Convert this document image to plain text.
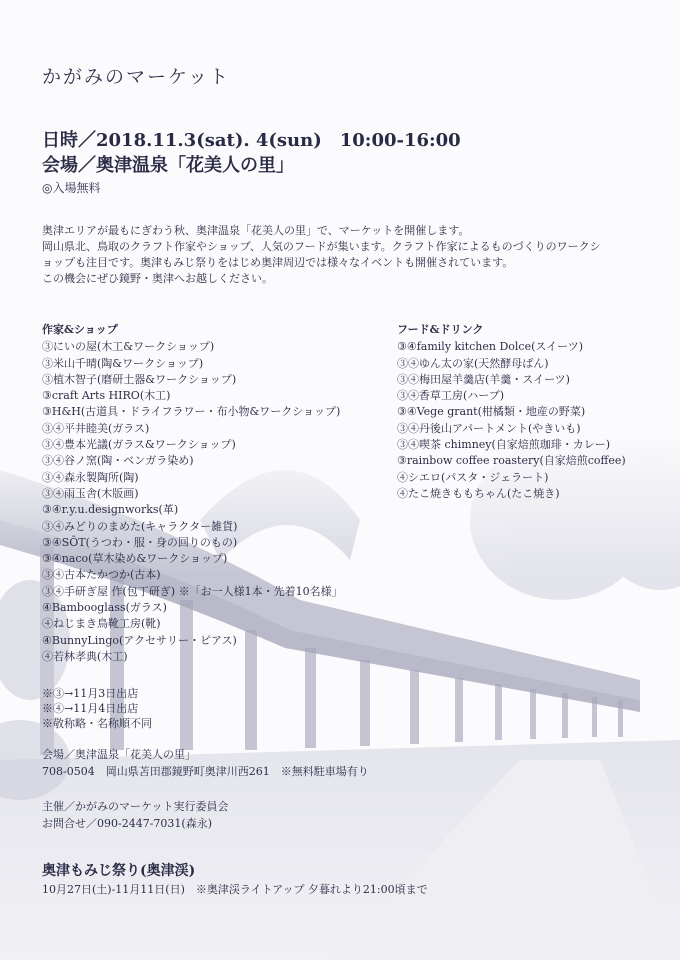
かがみのマーケット
日時／2018.11.3(sat). 4(sun)　10:00-16:00
会場／奥津温泉「花美人の里」
◎入場無料
奥津エリアが最もにぎわう秋、奥津温泉「花美人の里」で、マーケットを開催します。
岡山県北、鳥取のクラフト作家やショップ、人気のフードが集います。クラフト作家によるものづくりのワークシ
ョップも注目です。奥津もみじ祭りをはじめ奥津周辺では様々なイベントも開催されています。
この機会にぜひ鏡野・奥津へお越しください。
作家&ショップ
③にいの屋(木工&ワークショップ)
③米山千晴(陶&ワークショップ)
③植木智子(磨研土器&ワークショップ)
③craft Arts HIRO(木工)
③H&H(古道具・ドライフラワー・布小物&ワークショップ)
③④平井睦美(ガラス)
③④豊本光議(ガラス&ワークショップ)
③④谷ノ窯(陶・ベンガラ染め)
③④森永製陶所(陶)
③④雨玉舎(木版画)
③④r.y.u.designworks(革)
③④みどりのまめた(キャラクター雑貨)
③④SŌT(うつわ・服・身の回りのもの)
③④naco(草木染め&ワークショップ)
③④古本たかつか(古本)
③④手研ぎ屋 作(包丁研ぎ) ※「お一人様1本・先着10名様」
④Bambooglass(ガラス)
④ねじまき鳥靴工房(靴)
④BunnyLingo(アクセサリー・ピアス)
④若林孝典(木工)
フード&ドリンク
③④family kitchen Dolce(スイーツ)
③④ゆん太の家(天然酵母ぱん)
③④梅田屋羊羹店(羊羹・スイーツ)
③④香草工房(ハーブ)
③④Vege grant(柑橘類・地産の野菜)
③④丹後山アパートメント(やきいも)
③④喫茶 chimney(自家焙煎珈琲・カレー)
③rainbow coffee roastery(自家焙煎coffee)
④シエロ(パスタ・ジェラート)
④たこ焼きももちゃん(たこ焼き)
※③→11月3日出店
※④→11月4日出店
※敬称略・名称順不同
会場／奥津温泉「花美人の里」
708-0504　岡山県苫田郡鏡野町奥津川西261　※無料駐車場有り
主催／かがみのマーケット実行委員会
お問合せ／090-2447-7031(森永)
奥津もみじ祭り(奥津渓)
10月27日(土)-11月11日(日)　※奥津渓ライトアップ 夕暮れより21:00頃まで
